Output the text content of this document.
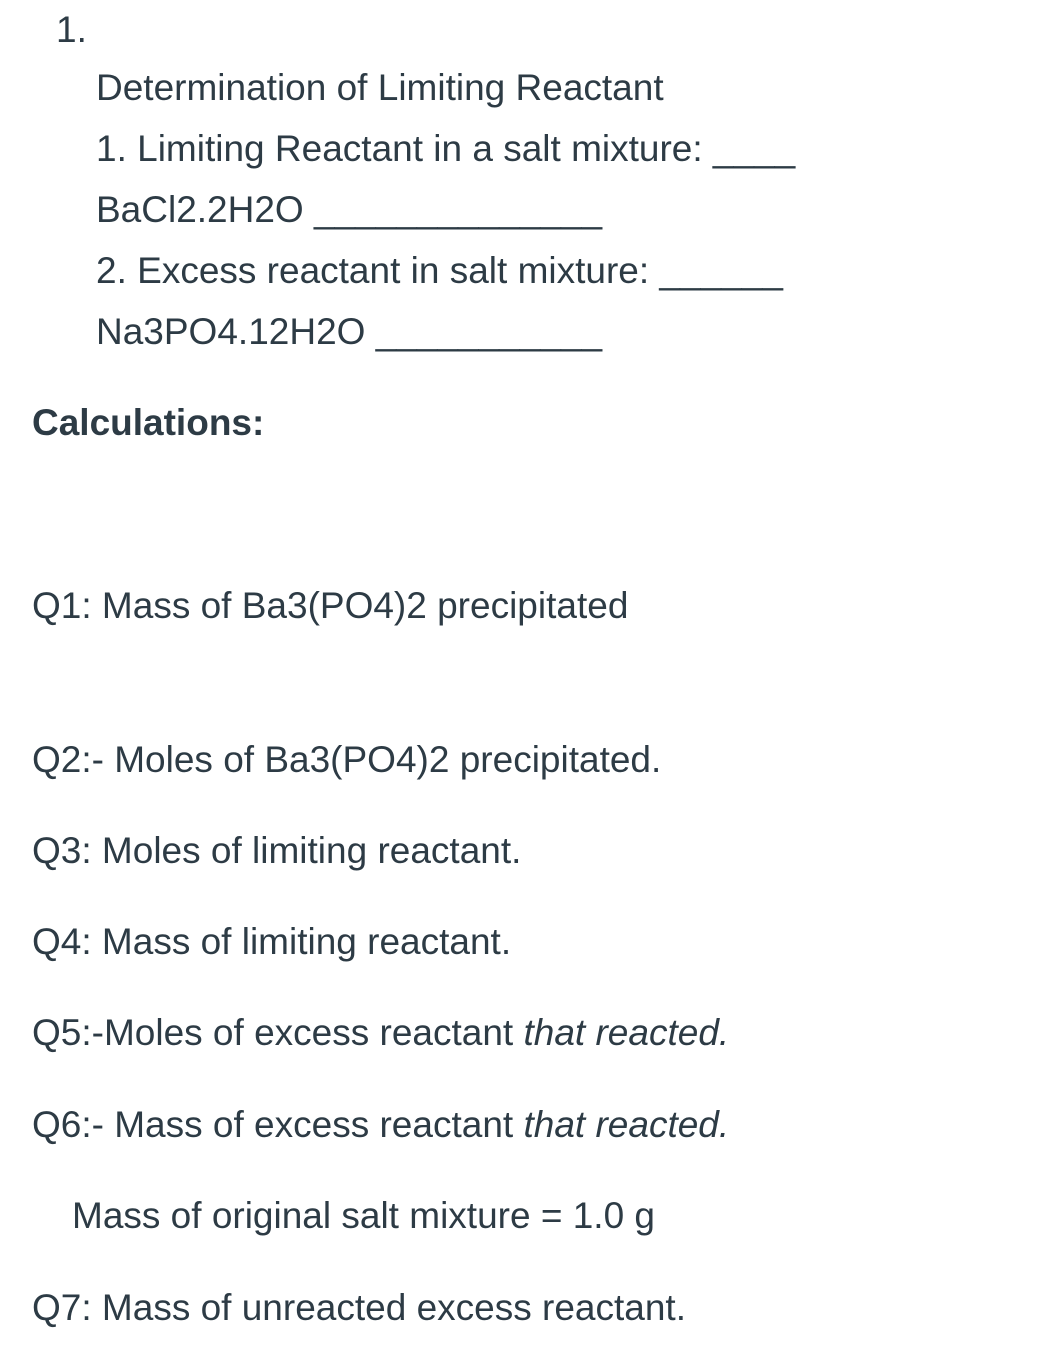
1.
Determination of Limiting Reactant
1. Limiting Reactant in a salt mixture: ____
BaCl2.2H2O ______________
2. Excess reactant in salt mixture: ______
Na3PO4.12H2O ___________
Calculations:
Q1: Mass of Ba3(PO4)2 precipitated
Q2:- Moles of Ba3(PO4)2 precipitated.
Q3: Moles of limiting reactant.
Q4: Mass of limiting reactant.
Q5:-Moles of excess reactant that reacted.
Q6:- Mass of excess reactant that reacted.
Mass of original salt mixture = 1.0 g
Q7: Mass of unreacted excess reactant.
